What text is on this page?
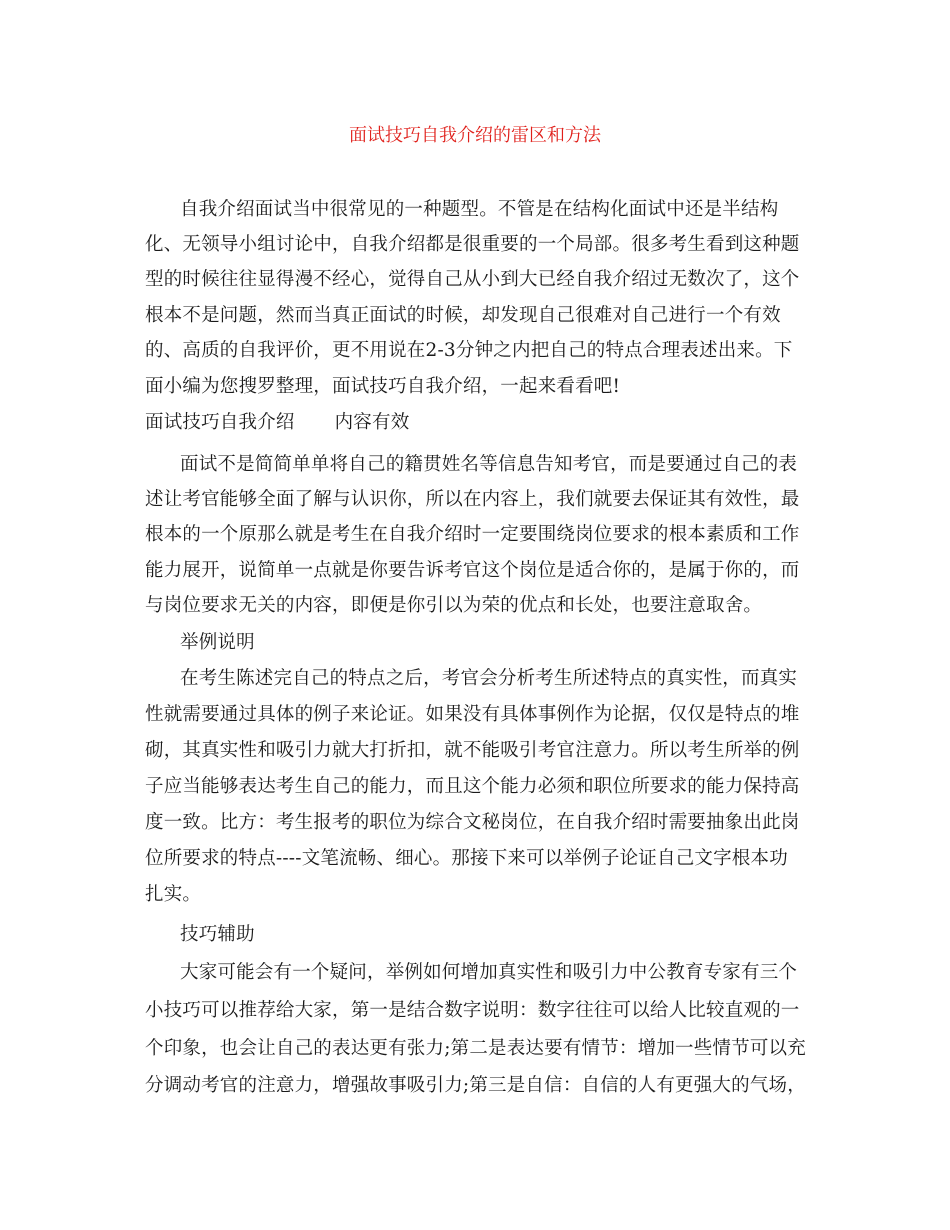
面试技巧自我介绍的雷区和方法

自我介绍面试当中很常见的一种题型。不管是在结构化面试中还是半结构

化、无领导小组讨论中，自我介绍都是很重要的一个局部。很多考生看到这种题

型的时候往往显得漫不经心，觉得自己从小到大已经自我介绍过无数次了，这个

根本不是问题，然而当真正面试的时候，却发现自己很难对自己进行一个有效

的、高质的自我评价，更不用说在2-3分钟之内把自己的特点合理表述出来。下

面小编为您搜罗整理，面试技巧自我介绍，一起来看看吧!

面试技巧自我介绍 内容有效

面试不是简简单单将自己的籍贯姓名等信息告知考官，而是要通过自己的表

述让考官能够全面了解与认识你，所以在内容上，我们就要去保证其有效性，最

根本的一个原那么就是考生在自我介绍时一定要围绕岗位要求的根本素质和工作

能力展开，说简单一点就是你要告诉考官这个岗位是适合你的，是属于你的，而

与岗位要求无关的内容，即便是你引以为荣的优点和长处，也要注意取舍。

举例说明

在考生陈述完自己的特点之后，考官会分析考生所述特点的真实性，而真实

性就需要通过具体的例子来论证。如果没有具体事例作为论据，仅仅是特点的堆

砌，其真实性和吸引力就大打折扣，就不能吸引考官注意力。所以考生所举的例

子应当能够表达考生自己的能力，而且这个能力必须和职位所要求的能力保持高

度一致。比方：考生报考的职位为综合文秘岗位，在自我介绍时需要抽象出此岗

位所要求的特点----文笔流畅、细心。那接下来可以举例子论证自己文字根本功

扎实。

技巧辅助

大家可能会有一个疑问，举例如何增加真实性和吸引力中公教育专家有三个

小技巧可以推荐给大家，第一是结合数字说明：数字往往可以给人比较直观的一

个印象，也会让自己的表达更有张力;第二是表达要有情节：增加一些情节可以充

分调动考官的注意力，增强故事吸引力;第三是自信：自信的人有更强大的气场，
